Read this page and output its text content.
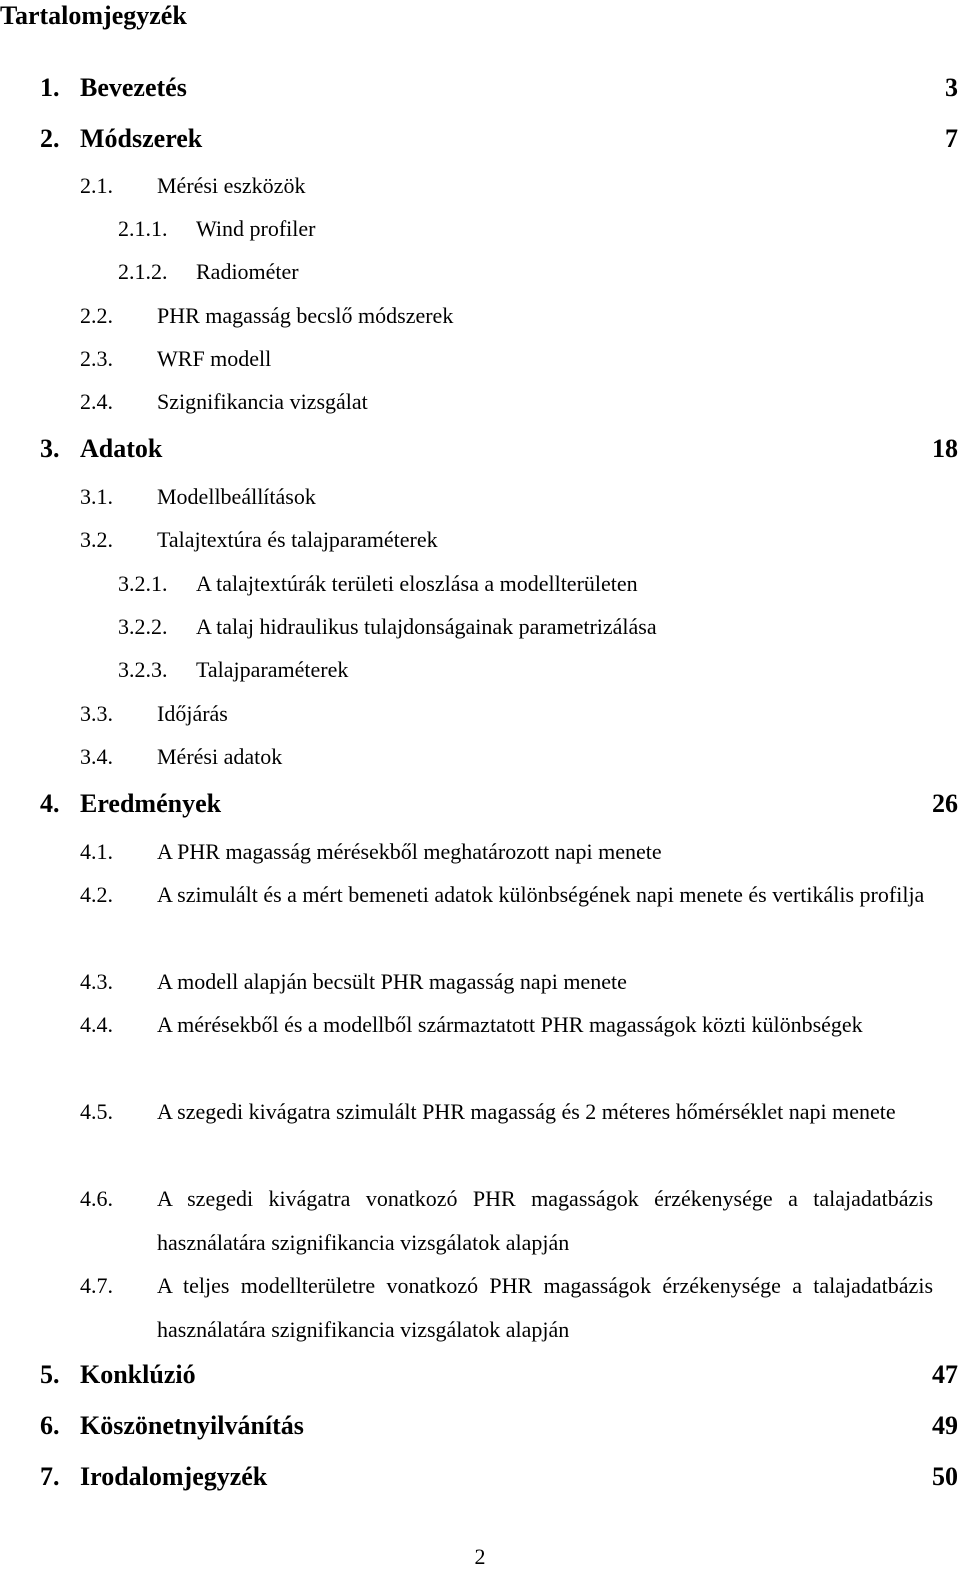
Tartalomjegyzék
1. Bevezetés	3
2. Módszerek	7
2.1. Mérési eszközök
2.1.1. Wind profiler
2.1.2. Radiométer
2.2. PHR magasság becslő módszerek
2.3. WRF modell
2.4. Szignifikancia vizsgálat
3. Adatok	18
3.1. Modellbeállítások
3.2. Talajtextúra és talajparaméterek
3.2.1. A talajtextúrák területi eloszlása a modellterületen
3.2.2. A talaj hidraulikus tulajdonságainak parametrizálása
3.2.3. Talajparaméterek
3.3. Időjárás
3.4. Mérési adatok
4. Eredmények	26
4.1. A PHR magasság mérésekből meghatározott napi menete
4.2. A szimulált és a mért bemeneti adatok különbségének napi menete és vertikális profilja
4.3. A modell alapján becsült PHR magasság napi menete
4.4. A mérésekből és a modellből származtatott PHR magasságok közti különbségek
4.5. A szegedi kivágatra szimulált PHR magasság és 2 méteres hőmérséklet napi menete
4.6. A szegedi kivágatra vonatkozó PHR magasságok érzékenysége a talajadatbázis használatára szignifikancia vizsgálatok alapján
4.7. A teljes modellterületre vonatkozó PHR magasságok érzékenysége a talajadatbázis használatára szignifikancia vizsgálatok alapján
5. Konklúzió	47
6. Köszönetnyilvánítás	49
7. Irodalomjegyzék	50
2
